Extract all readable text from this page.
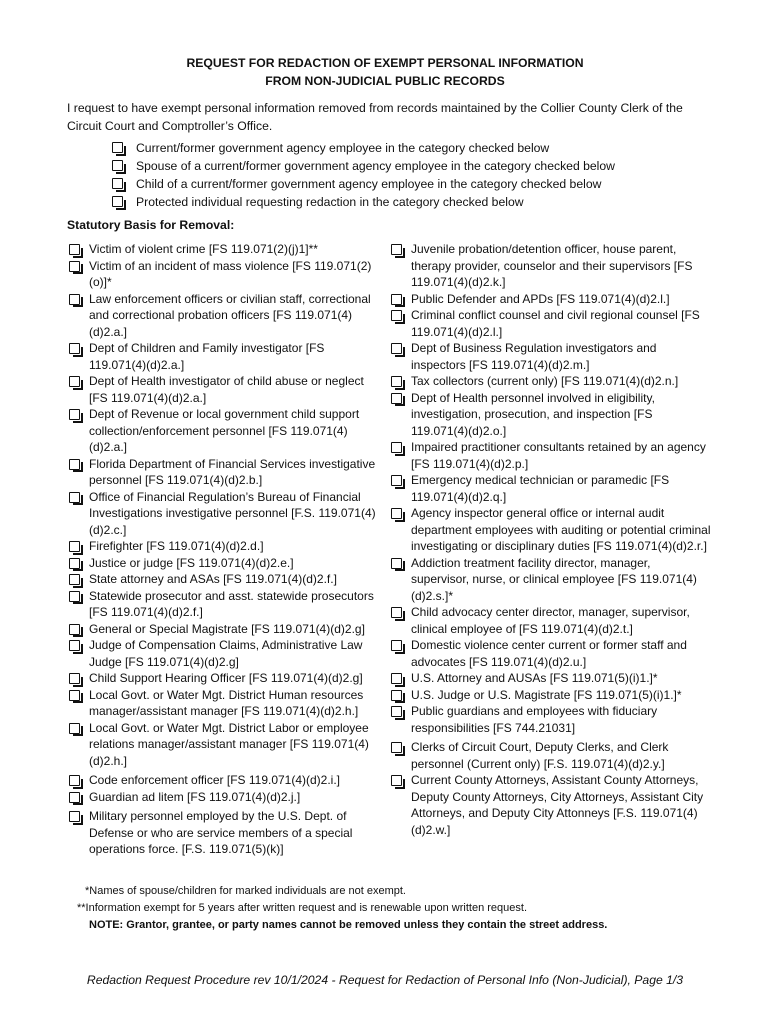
REQUEST FOR REDACTION OF EXEMPT PERSONAL INFORMATION
FROM NON-JUDICIAL PUBLIC RECORDS
I request to have exempt personal information removed from records maintained by the Collier County Clerk of the Circuit Court and Comptroller’s Office.
Current/former government agency employee in the category checked below
Spouse of a current/former government agency employee in the category checked below
Child of a current/former government agency employee in the category checked below
Protected individual requesting redaction in the category checked below
Statutory Basis for Removal:
Victim of violent crime [FS 119.071(2)(j)1]**
Victim of an incident of mass violence [FS 119.071(2)(o)]*
Law enforcement officers or civilian staff, correctional and correctional probation officers [FS 119.071(4)(d)2.a.]
Dept of Children and Family investigator [FS 119.071(4)(d)2.a.]
Dept of Health investigator of child abuse or neglect [FS 119.071(4)(d)2.a.]
Dept of Revenue or local government child support collection/enforcement personnel [FS 119.071(4)(d)2.a.]
Florida Department of Financial Services investigative personnel [FS 119.071(4)(d)2.b.]
Office of Financial Regulation’s Bureau of Financial Investigations investigative personnel [F.S. 119.071(4)(d)2.c.]
Firefighter [FS 119.071(4)(d)2.d.]
Justice or judge [FS 119.071(4)(d)2.e.]
State attorney and ASAs [FS 119.071(4)(d)2.f.]
Statewide prosecutor and asst. statewide prosecutors [FS 119.071(4)(d)2.f.]
General or Special Magistrate [FS 119.071(4)(d)2.g]
Judge of Compensation Claims, Administrative Law Judge [FS 119.071(4)(d)2.g]
Child Support Hearing Officer [FS 119.071(4)(d)2.g]
Local Govt. or Water Mgt. District Human resources manager/assistant manager [FS 119.071(4)(d)2.h.]
Local Govt. or Water Mgt. District Labor or employee relations manager/assistant manager [FS 119.071(4)(d)2.h.]
Code enforcement officer [FS 119.071(4)(d)2.i.]
Guardian ad litem [FS 119.071(4)(d)2.j.]
Military personnel employed by the U.S. Dept. of Defense or who are service members of a special operations force. [F.S. 119.071(5)(k)]
Juvenile probation/detention officer, house parent, therapy provider, counselor and their supervisors [FS 119.071(4)(d)2.k.]
Public Defender and APDs [FS 119.071(4)(d)2.l.]
Criminal conflict counsel and civil regional counsel [FS 119.071(4)(d)2.l.]
Dept of Business Regulation investigators and inspectors [FS 119.071(4)(d)2.m.]
Tax collectors (current only) [FS 119.071(4)(d)2.n.]
Dept of Health personnel involved in eligibility, investigation, prosecution, and inspection [FS 119.071(4)(d)2.o.]
Impaired practitioner consultants retained by an agency [FS 119.071(4)(d)2.p.]
Emergency medical technician or paramedic [FS 119.071(4)(d)2.q.]
Agency inspector general office or internal audit department employees with auditing or potential criminal investigating or disciplinary duties [FS 119.071(4)(d)2.r.]
Addiction treatment facility director, manager, supervisor, nurse, or clinical employee [FS 119.071(4)(d)2.s.]*
Child advocacy center director, manager, supervisor, clinical employee of [FS 119.071(4)(d)2.t.]
Domestic violence center current or former staff and advocates [FS 119.071(4)(d)2.u.]
U.S. Attorney and AUSAs [FS 119.071(5)(i)1.]*
U.S. Judge or U.S. Magistrate [FS 119.071(5)(i)1.]*
Public guardians and employees with fiduciary responsibilities [FS 744.21031]
Clerks of Circuit Court, Deputy Clerks, and Clerk personnel (Current only) [F.S. 119.071(4)(d)2.y.]
Current County Attorneys, Assistant County Attorneys, Deputy County Attorneys, City Attorneys, Assistant City Attorneys, and Deputy City Attonneys [F.S. 119.071(4)(d)2.w.]
*Names of spouse/children for marked individuals are not exempt.
**Information exempt for 5 years after written request and is renewable upon written request.
NOTE: Grantor, grantee, or party names cannot be removed unless they contain the street address.
Redaction Request Procedure rev 10/1/2024 - Request for Redaction of Personal Info (Non-Judicial), Page 1/3
